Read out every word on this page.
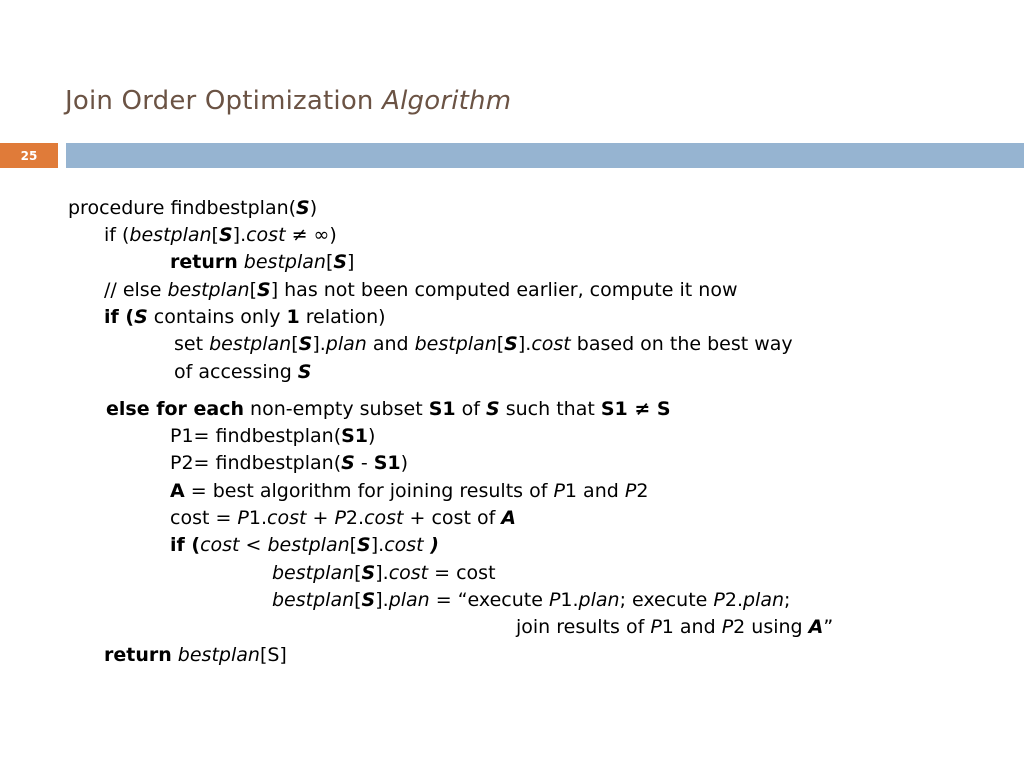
Join Order Optimization Algorithm
25
procedure findbestplan(S)
if (bestplan[S].cost ≠ ∞)
return bestplan[S]
// else bestplan[S] has not been computed earlier, compute it now
if (S contains only 1 relation)
set bestplan[S].plan and bestplan[S].cost based on the best way
of accessing S
else for each non-empty subset S1 of S such that S1 ≠ S
P1= findbestplan(S1)
P2= findbestplan(S - S1)
A = best algorithm for joining results of P1 and P2
cost = P1.cost + P2.cost + cost of A
if (cost < bestplan[S].cost )
bestplan[S].cost = cost
bestplan[S].plan = “execute P1.plan; execute P2.plan;
join results of P1 and P2 using A”
return bestplan[S]
